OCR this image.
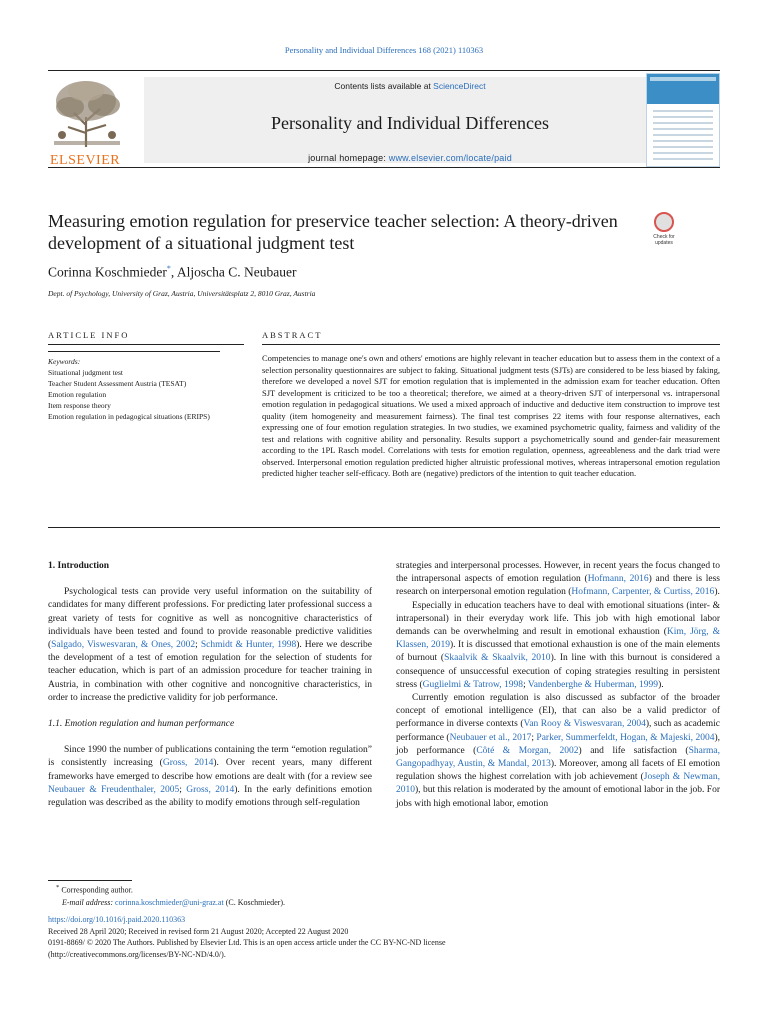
Personality and Individual Differences 168 (2021) 110363
ELSEVIER
Contents lists available at ScienceDirect
Personality and Individual Differences
journal homepage: www.elsevier.com/locate/paid
Measuring emotion regulation for preservice teacher selection: A theory-driven development of a situational judgment test	Check for updates
Corinna Koschmieder*, Aljoscha C. Neubauer
Dept. of Psychology, University of Graz, Austria, Universitätsplatz 2, 8010 Graz, Austria
ARTICLE INFO	ABSTRACT
Keywords:
Situational judgment test
Teacher Student Assessment Austria (TESAT)
Emotion regulation
Item response theory
Emotion regulation in pedagogical situations (ERIPS)
Competencies to manage one's own and others' emotions are highly relevant in teacher education but to assess them in the context of a selection personality questionnaires are subject to faking. Situational judgment tests (SJTs) are considered to be less biased by faking, therefore we developed a novel SJT for emotion regulation that is implemented in the admission exam for teacher education. Often SJT development is criticized to be too a theoretical; therefore, we aimed at a theory-driven SJT of interpersonal vs. intrapersonal emotion regulation in pedagogical situations. We used a mixed approach of inductive and deductive item construction to improve test quality (item homogeneity and measurement fairness). The final test comprises 22 items with four response alternatives, each expressing one of four emotion regulation strategies. In two studies, we examined psychometric quality, fairness and validity of the test and relations with cognitive ability and personality. Results support a psychometrically sound and gender-fair measurement according to the 1PL Rasch model. Correlations with tests for emotion regulation, openness, agreeableness and the dark triad were observed. Interpersonal emotion regulation predicted higher altruistic professional motives, whereas intrapersonal emotion regulation predicted higher teacher self-efficacy. Both are (negative) predictors of the intention to quit teacher education.

1. Introduction

Psychological tests can provide very useful information on the suitability of candidates for many different professions. For predicting later professional success a great variety of tests for cognitive as well as noncognitive characteristics of individuals have been tested and found to provide reasonable predictive validities (Salgado, Viswesvaran, & Ones, 2002; Schmidt & Hunter, 1998). Here we describe the development of a test of emotion regulation for the selection of students for teacher education, which is part of an admission procedure for teacher training in Austria, in combination with other cognitive and noncognitive characteristics, in order to increase the predictive validity for job performance.

1.1. Emotion regulation and human performance

Since 1990 the number of publications containing the term “emotion regulation” is consistently increasing (Gross, 2014). Over recent years, many different frameworks have emerged to describe how emotions are dealt with (for a review see Neubauer & Freudenthaler, 2005; Gross, 2014). In the early definitions emotion regulation was described as the ability to modify emotions through self-regulation

strategies and interpersonal processes. However, in recent years the focus changed to the intrapersonal aspects of emotion regulation (Hofmann, 2016) and there is less research on interpersonal emotion regulation (Hofmann, Carpenter, & Curtiss, 2016).

Especially in education teachers have to deal with emotional situations (inter- & intrapersonal) in their everyday work life. This job with high emotional labor demands can be overwhelming and result in emotional exhaustion (Kim, Jörg, & Klassen, 2019). It is discussed that emotional exhaustion is one of the main elements of burnout (Skaalvik & Skaalvik, 2010). In line with this burnout is considered a consequence of unsuccessful execution of coping strategies resulting in persistent stress (Guglielmi & Tatrow, 1998; Vandenberghe & Huberman, 1999).

Currently emotion regulation is also discussed as subfactor of the broader concept of emotional intelligence (EI), that can also be a valid predictor of performance in diverse contexts (Van Rooy & Viswesvaran, 2004), such as academic performance (Neubauer et al., 2017; Parker, Summerfeldt, Hogan, & Majeski, 2004), job performance (Côté & Morgan, 2002) and life satisfaction (Sharma, Gangopadhyay, Austin, & Mandal, 2013). Moreover, among all facets of EI emotion regulation shows the highest correlation with job achievement (Joseph & Newman, 2010), but this relation is moderated by the amount of emotional labor in the job. For jobs with high emotional labor, emotion

* Corresponding author.
E-mail address: corinna.koschmieder@uni-graz.at (C. Koschmieder).
https://doi.org/10.1016/j.paid.2020.110363
Received 28 April 2020; Received in revised form 21 August 2020; Accepted 22 August 2020
0191-8869/ © 2020 The Authors. Published by Elsevier Ltd. This is an open access article under the CC BY-NC-ND license
(http://creativecommons.org/licenses/BY-NC-ND/4.0/).
